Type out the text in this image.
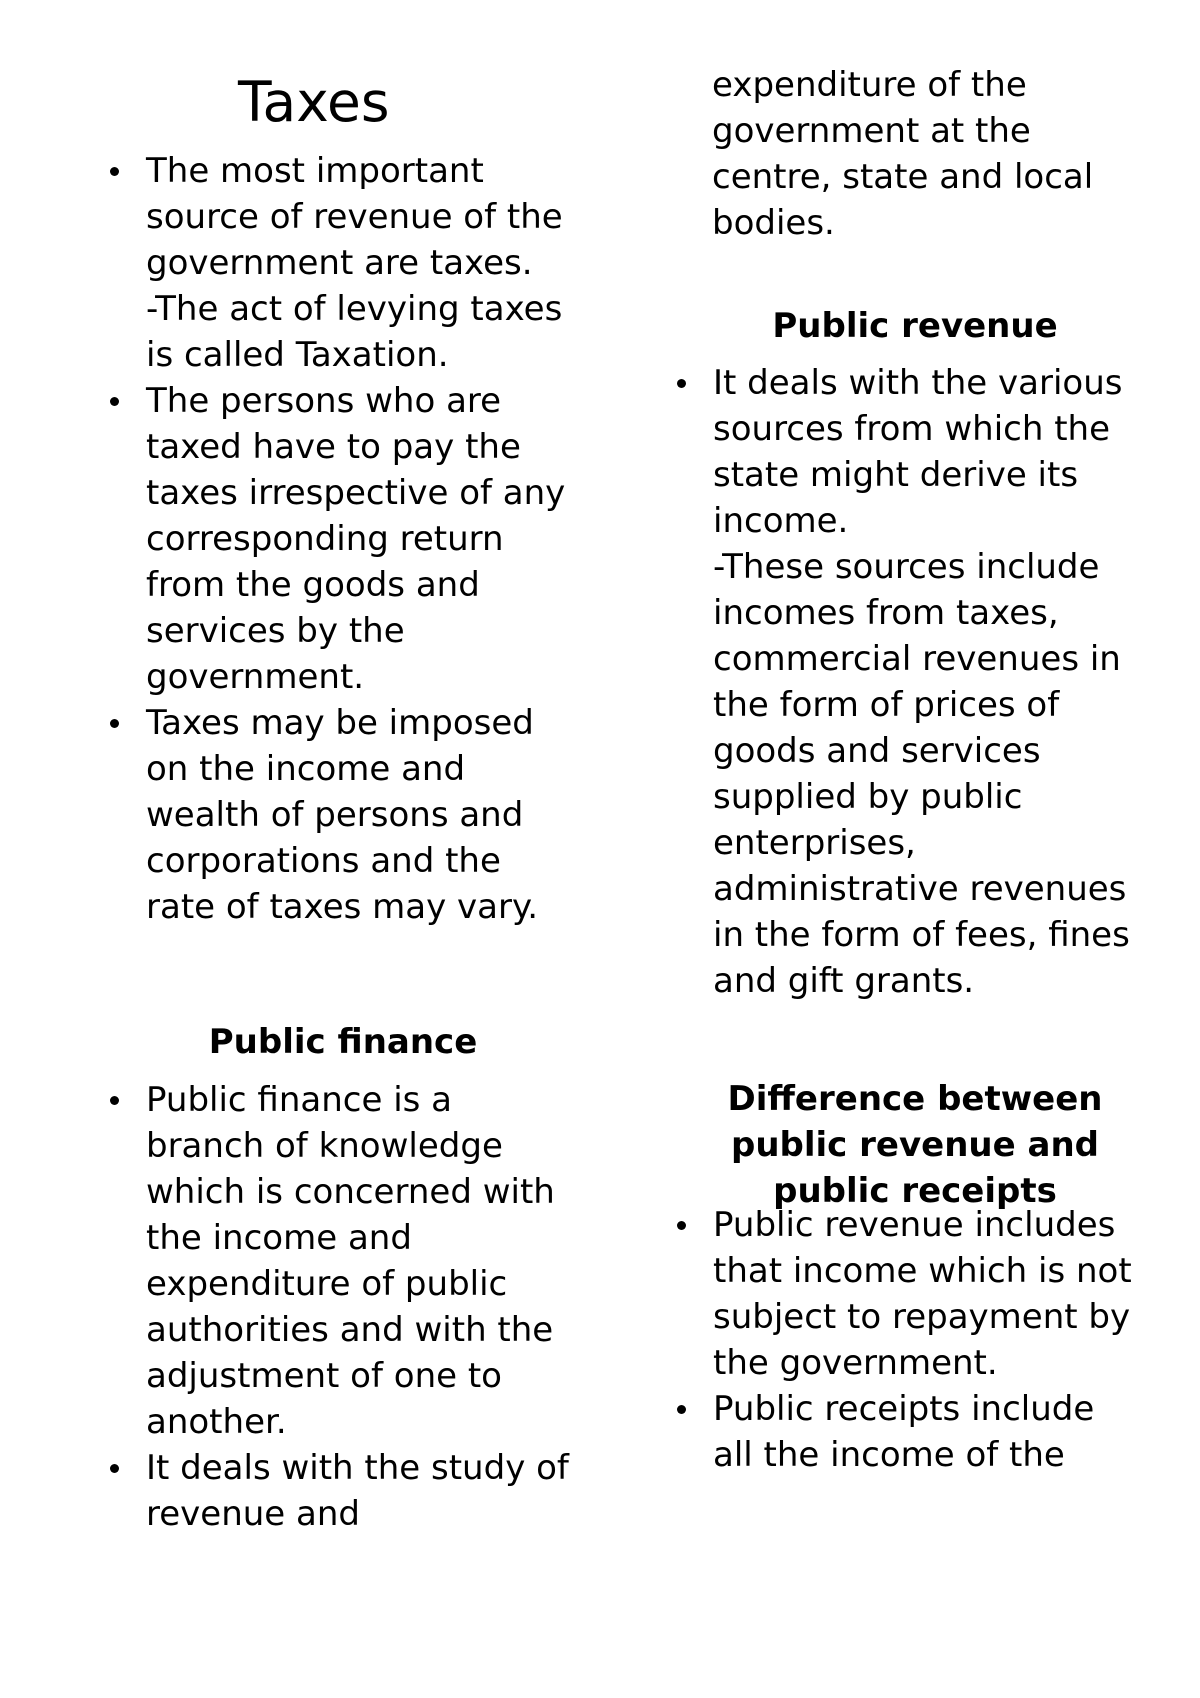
Taxes
The most important source of revenue of the government are taxes.
-The act of levying taxes is called Taxation.
The persons who are taxed have to pay the taxes irrespective of any corresponding return from the goods and services by the government.
Taxes may be imposed on the income and wealth of persons and corporations and the rate of taxes may vary.
Public finance
Public finance is a branch of knowledge which is concerned with the income and expenditure of public authorities and with the adjustment of one to another.
It deals with the study of revenue and

expenditure of the government at the centre, state and local bodies.

Public revenue
It deals with the various sources from which the state might derive its income.
-These sources include incomes from taxes, commercial revenues in the form of prices of goods and services supplied by public enterprises, administrative revenues in the form of fees, fines and gift grants.
Difference between public revenue and public receipts
Public revenue includes that income which is not subject to repayment by the government.
Public receipts include all the income of the
